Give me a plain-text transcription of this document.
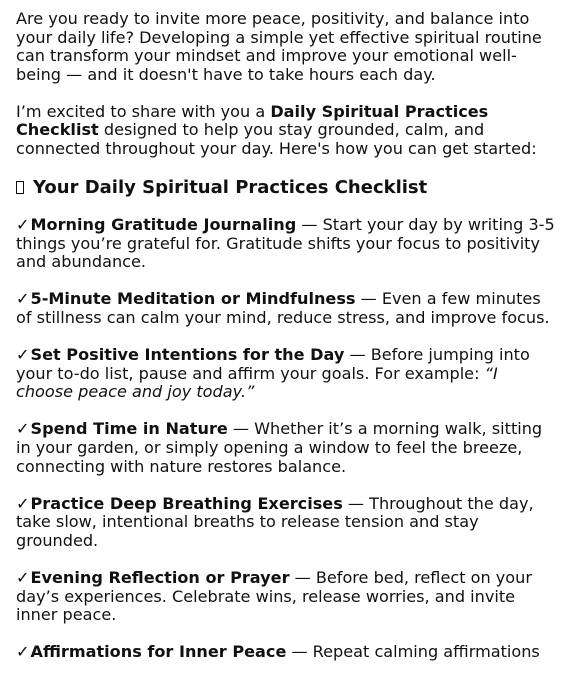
Are you ready to invite more peace, positivity, and balance into your daily life? Developing a simple yet effective spiritual routine can transform your mindset and improve your emotional well-being — and it doesn't have to take hours each day.

I’m excited to share with you a Daily Spiritual Practices Checklist designed to help you stay grounded, calm, and connected throughout your day. Here's how you can get started:

Your Daily Spiritual Practices Checklist

✓Morning Gratitude Journaling — Start your day by writing 3-5 things you’re grateful for. Gratitude shifts your focus to positivity and abundance.

✓5-Minute Meditation or Mindfulness — Even a few minutes of stillness can calm your mind, reduce stress, and improve focus.

✓Set Positive Intentions for the Day — Before jumping into your to-do list, pause and affirm your goals. For example: “I choose peace and joy today.”

✓Spend Time in Nature — Whether it’s a morning walk, sitting in your garden, or simply opening a window to feel the breeze, connecting with nature restores balance.

✓Practice Deep Breathing Exercises — Throughout the day, take slow, intentional breaths to release tension and stay grounded.

✓Evening Reflection or Prayer — Before bed, reflect on your day’s experiences. Celebrate wins, release worries, and invite inner peace.

✓Affirmations for Inner Peace — Repeat calming affirmations
